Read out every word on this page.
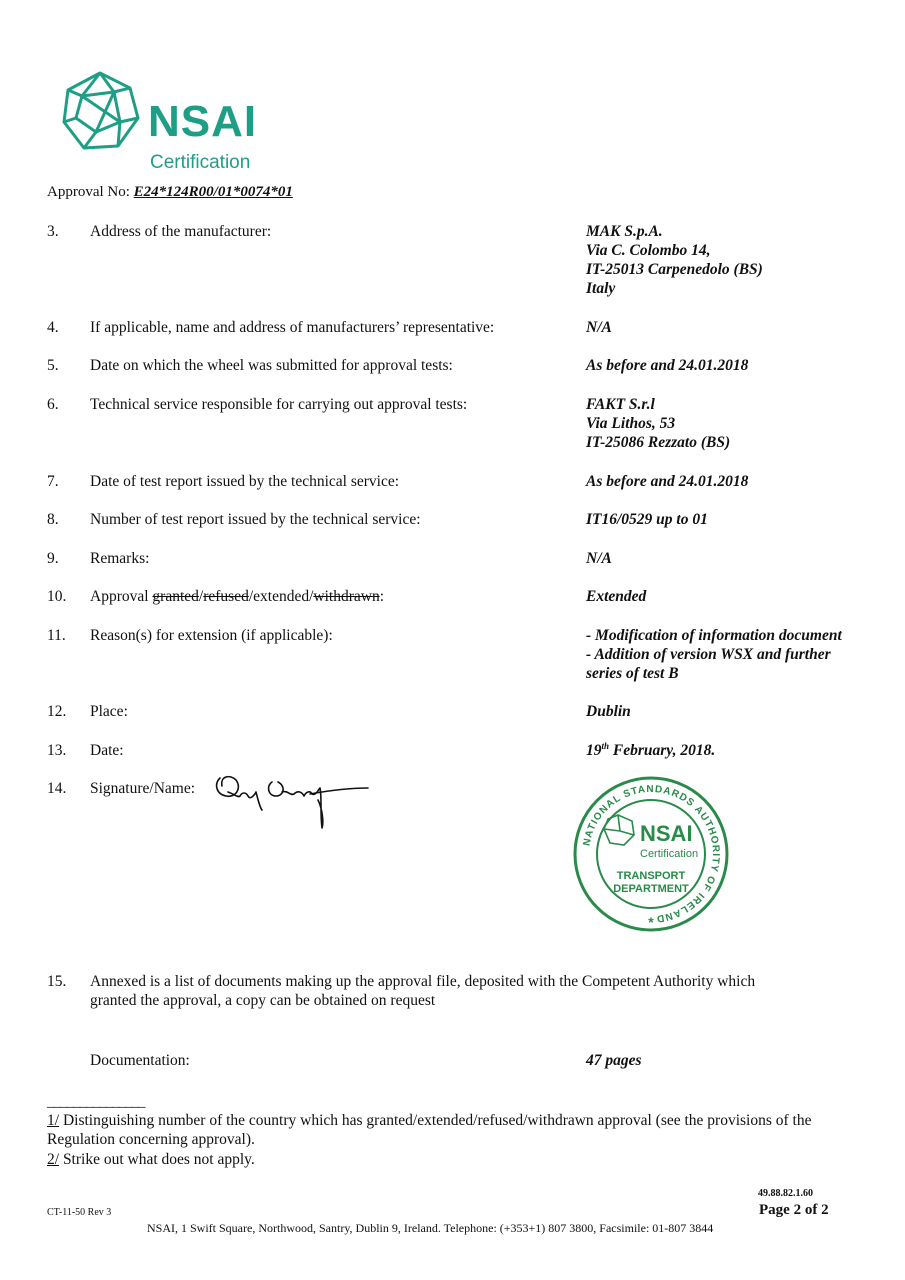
NSAI
Certification
Approval No: E24*124R00/01*0074*01
3. Address of the manufacturer:	MAK S.p.A.
Via C. Colombo 14,
IT-25013 Carpenedolo (BS)
Italy
4. If applicable, name and address of manufacturers’ representative:	N/A
5. Date on which the wheel was submitted for approval tests:	As before and 24.01.2018
6. Technical service responsible for carrying out approval tests:	FAKT S.r.l
Via Lithos, 53
IT-25086 Rezzato (BS)
7. Date of test report issued by the technical service:	As before and 24.01.2018
8. Number of test report issued by the technical service:	IT16/0529 up to 01
9. Remarks:	N/A
10. Approval granted/refused/extended/withdrawn:	Extended
11. Reason(s) for extension (if applicable):	- Modification of information document
- Addition of version WSX and further
series of test B
12. Place:	Dublin
13. Date:	19th February, 2018.
14. Signature/Name:
NATIONAL STANDARDS AUTHORITY OF IRELAND
NSAI
Certification
TRANSPORT
DEPARTMENT
*
15. Annexed is a list of documents making up the approval file, deposited with the Competent Authority which granted the approval, a copy can be obtained on request
Documentation:	47 pages
_______________
1/ Distinguishing number of the country which has granted/extended/refused/withdrawn approval (see the provisions of the Regulation concerning approval).
2/ Strike out what does not apply.
49.88.82.1.60
CT-11-50 Rev 3	Page 2 of 2
NSAI, 1 Swift Square, Northwood, Santry, Dublin 9, Ireland. Telephone: (+353+1) 807 3800, Facsimile: 01-807 3844
